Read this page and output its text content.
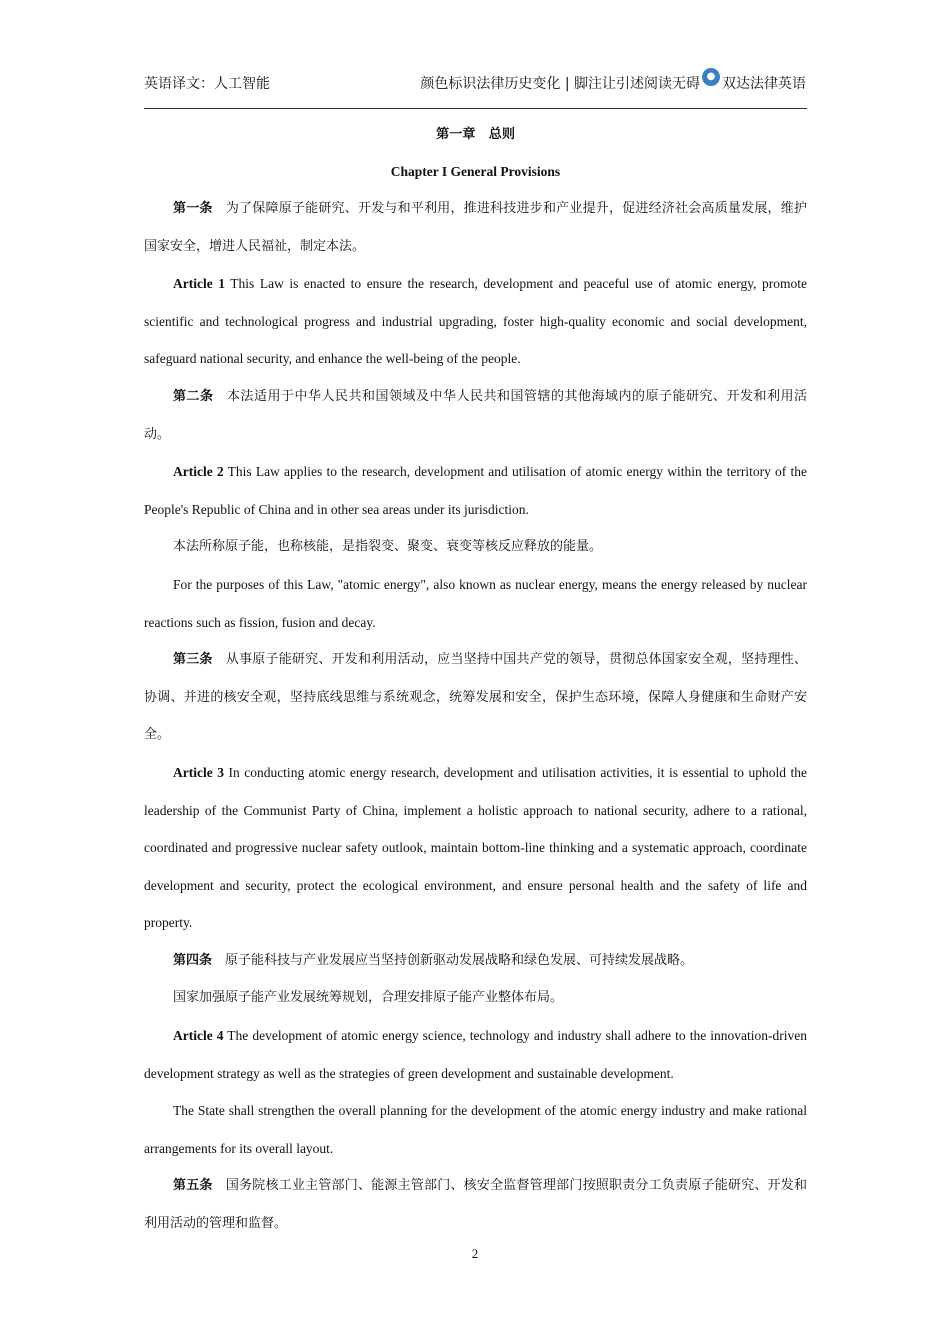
英语译文：人工智能	颜色标识法律历史变化 | 脚注让引述阅读无碍 ● 双达法律英语
第一章　总则
Chapter I General Provisions

第一条　 为了保障原子能研究、开发与和平利用，推进科技进步和产业提升，促进经济社会高质量发展，维护国家安全，增进人民福祉，制定本法。

Article 1 This Law is enacted to ensure the research, development and peaceful use of atomic energy, promote scientific and technological progress and industrial upgrading, foster high-quality economic and social development, safeguard national security, and enhance the well-being of the people.

第二条　 本法适用于中华人民共和国领域及中华人民共和国管辖的其他海域内的原子能研究、开发和利用活动。

Article 2 This Law applies to the research, development and utilisation of atomic energy within the territory of the People's Republic of China and in other sea areas under its jurisdiction.

本法所称原子能，也称核能，是指裂变、聚变、衰变等核反应释放的能量。

For the purposes of this Law, "atomic energy", also known as nuclear energy, means the energy released by nuclear reactions such as fission, fusion and decay.

第三条　 从事原子能研究、开发和利用活动，应当坚持中国共产党的领导，贯彻总体国家安全观，坚持理性、协调、并进的核安全观，坚持底线思维与系统观念，统筹发展和安全，保护生态环境，保障人身健康和生命财产安全。

Article 3 In conducting atomic energy research, development and utilisation activities, it is essential to uphold the leadership of the Communist Party of China, implement a holistic approach to national security, adhere to a rational, coordinated and progressive nuclear safety outlook, maintain bottom-line thinking and a systematic approach, coordinate development and security, protect the ecological environment, and ensure personal health and the safety of life and property.

第四条　 原子能科技与产业发展应当坚持创新驱动发展战略和绿色发展、可持续发展战略。

国家加强原子能产业发展统筹规划，合理安排原子能产业整体布局。

Article 4 The development of atomic energy science, technology and industry shall adhere to the innovation-driven development strategy as well as the strategies of green development and sustainable development.

The State shall strengthen the overall planning for the development of the atomic energy industry and make rational arrangements for its overall layout.

第五条　 国务院核工业主管部门、能源主管部门、核安全监督管理部门按照职责分工负责原子能研究、开发和利用活动的管理和监督。

2
